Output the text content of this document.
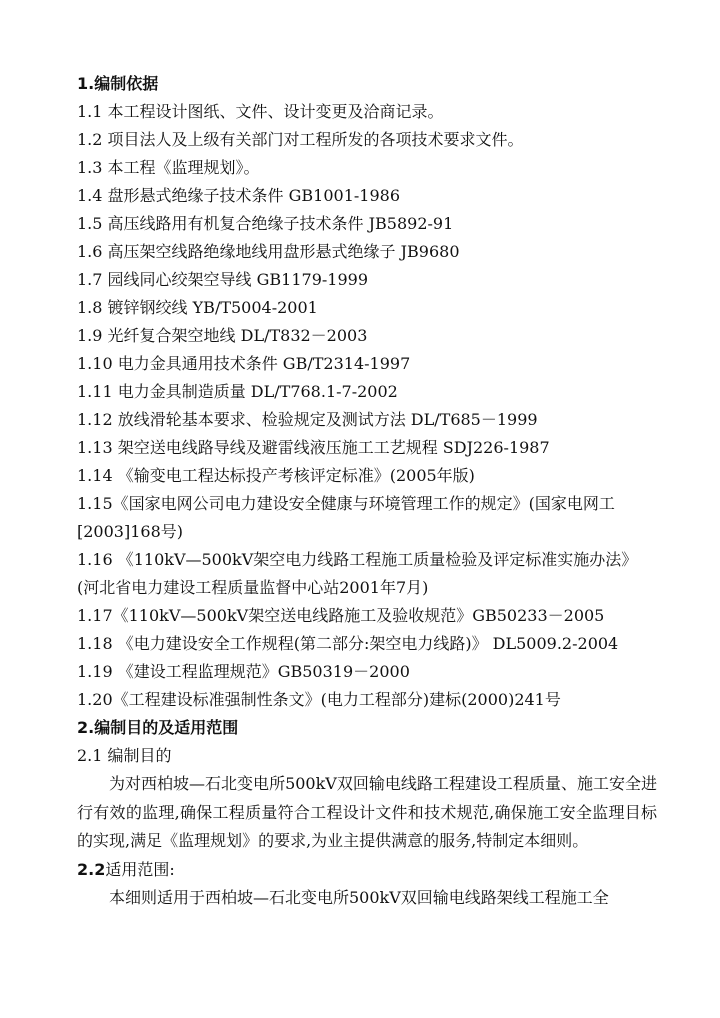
1.编制依据
1.1 本工程设计图纸、文件、设计变更及洽商记录。
1.2 项目法人及上级有关部门对工程所发的各项技术要求文件。
1.3 本工程《监理规划》。
1.4 盘形悬式绝缘子技术条件 GB1001-1986
1.5 高压线路用有机复合绝缘子技术条件 JB5892-91
1.6 高压架空线路绝缘地线用盘形悬式绝缘子 JB9680
1.7 园线同心绞架空导线 GB1179-1999
1.8 镀锌钢绞线 YB/T5004-2001
1.9 光纤复合架空地线 DL/T832－2003
1.10 电力金具通用技术条件 GB/T2314-1997
1.11 电力金具制造质量 DL/T768.1-7-2002
1.12 放线滑轮基本要求、检验规定及测试方法 DL/T685－1999
1.13 架空送电线路导线及避雷线液压施工工艺规程 SDJ226-1987
1.14 《输变电工程达标投产考核评定标准》(2005年版)
1.15《国家电网公司电力建设安全健康与环境管理工作的规定》(国家电网工[2003]168号)
1.16 《110kV—500kV架空电力线路工程施工质量检验及评定标准实施办法》(河北省电力建设工程质量监督中心站2001年7月)
1.17《110kV—500kV架空送电线路施工及验收规范》GB50233－2005
1.18 《电力建设安全工作规程(第二部分:架空电力线路)》 DL5009.2-2004
1.19 《建设工程监理规范》GB50319－2000
1.20《工程建设标准强制性条文》(电力工程部分)建标(2000)241号
2.编制目的及适用范围
2.1 编制目的
为对西柏坡—石北变电所500kV双回输电线路工程建设工程质量、施工安全进行有效的监理,确保工程质量符合工程设计文件和技术规范,确保施工安全监理目标的实现,满足《监理规划》的要求,为业主提供满意的服务,特制定本细则。
2.2适用范围:
本细则适用于西柏坡—石北变电所500kV双回输电线路架线工程施工全
